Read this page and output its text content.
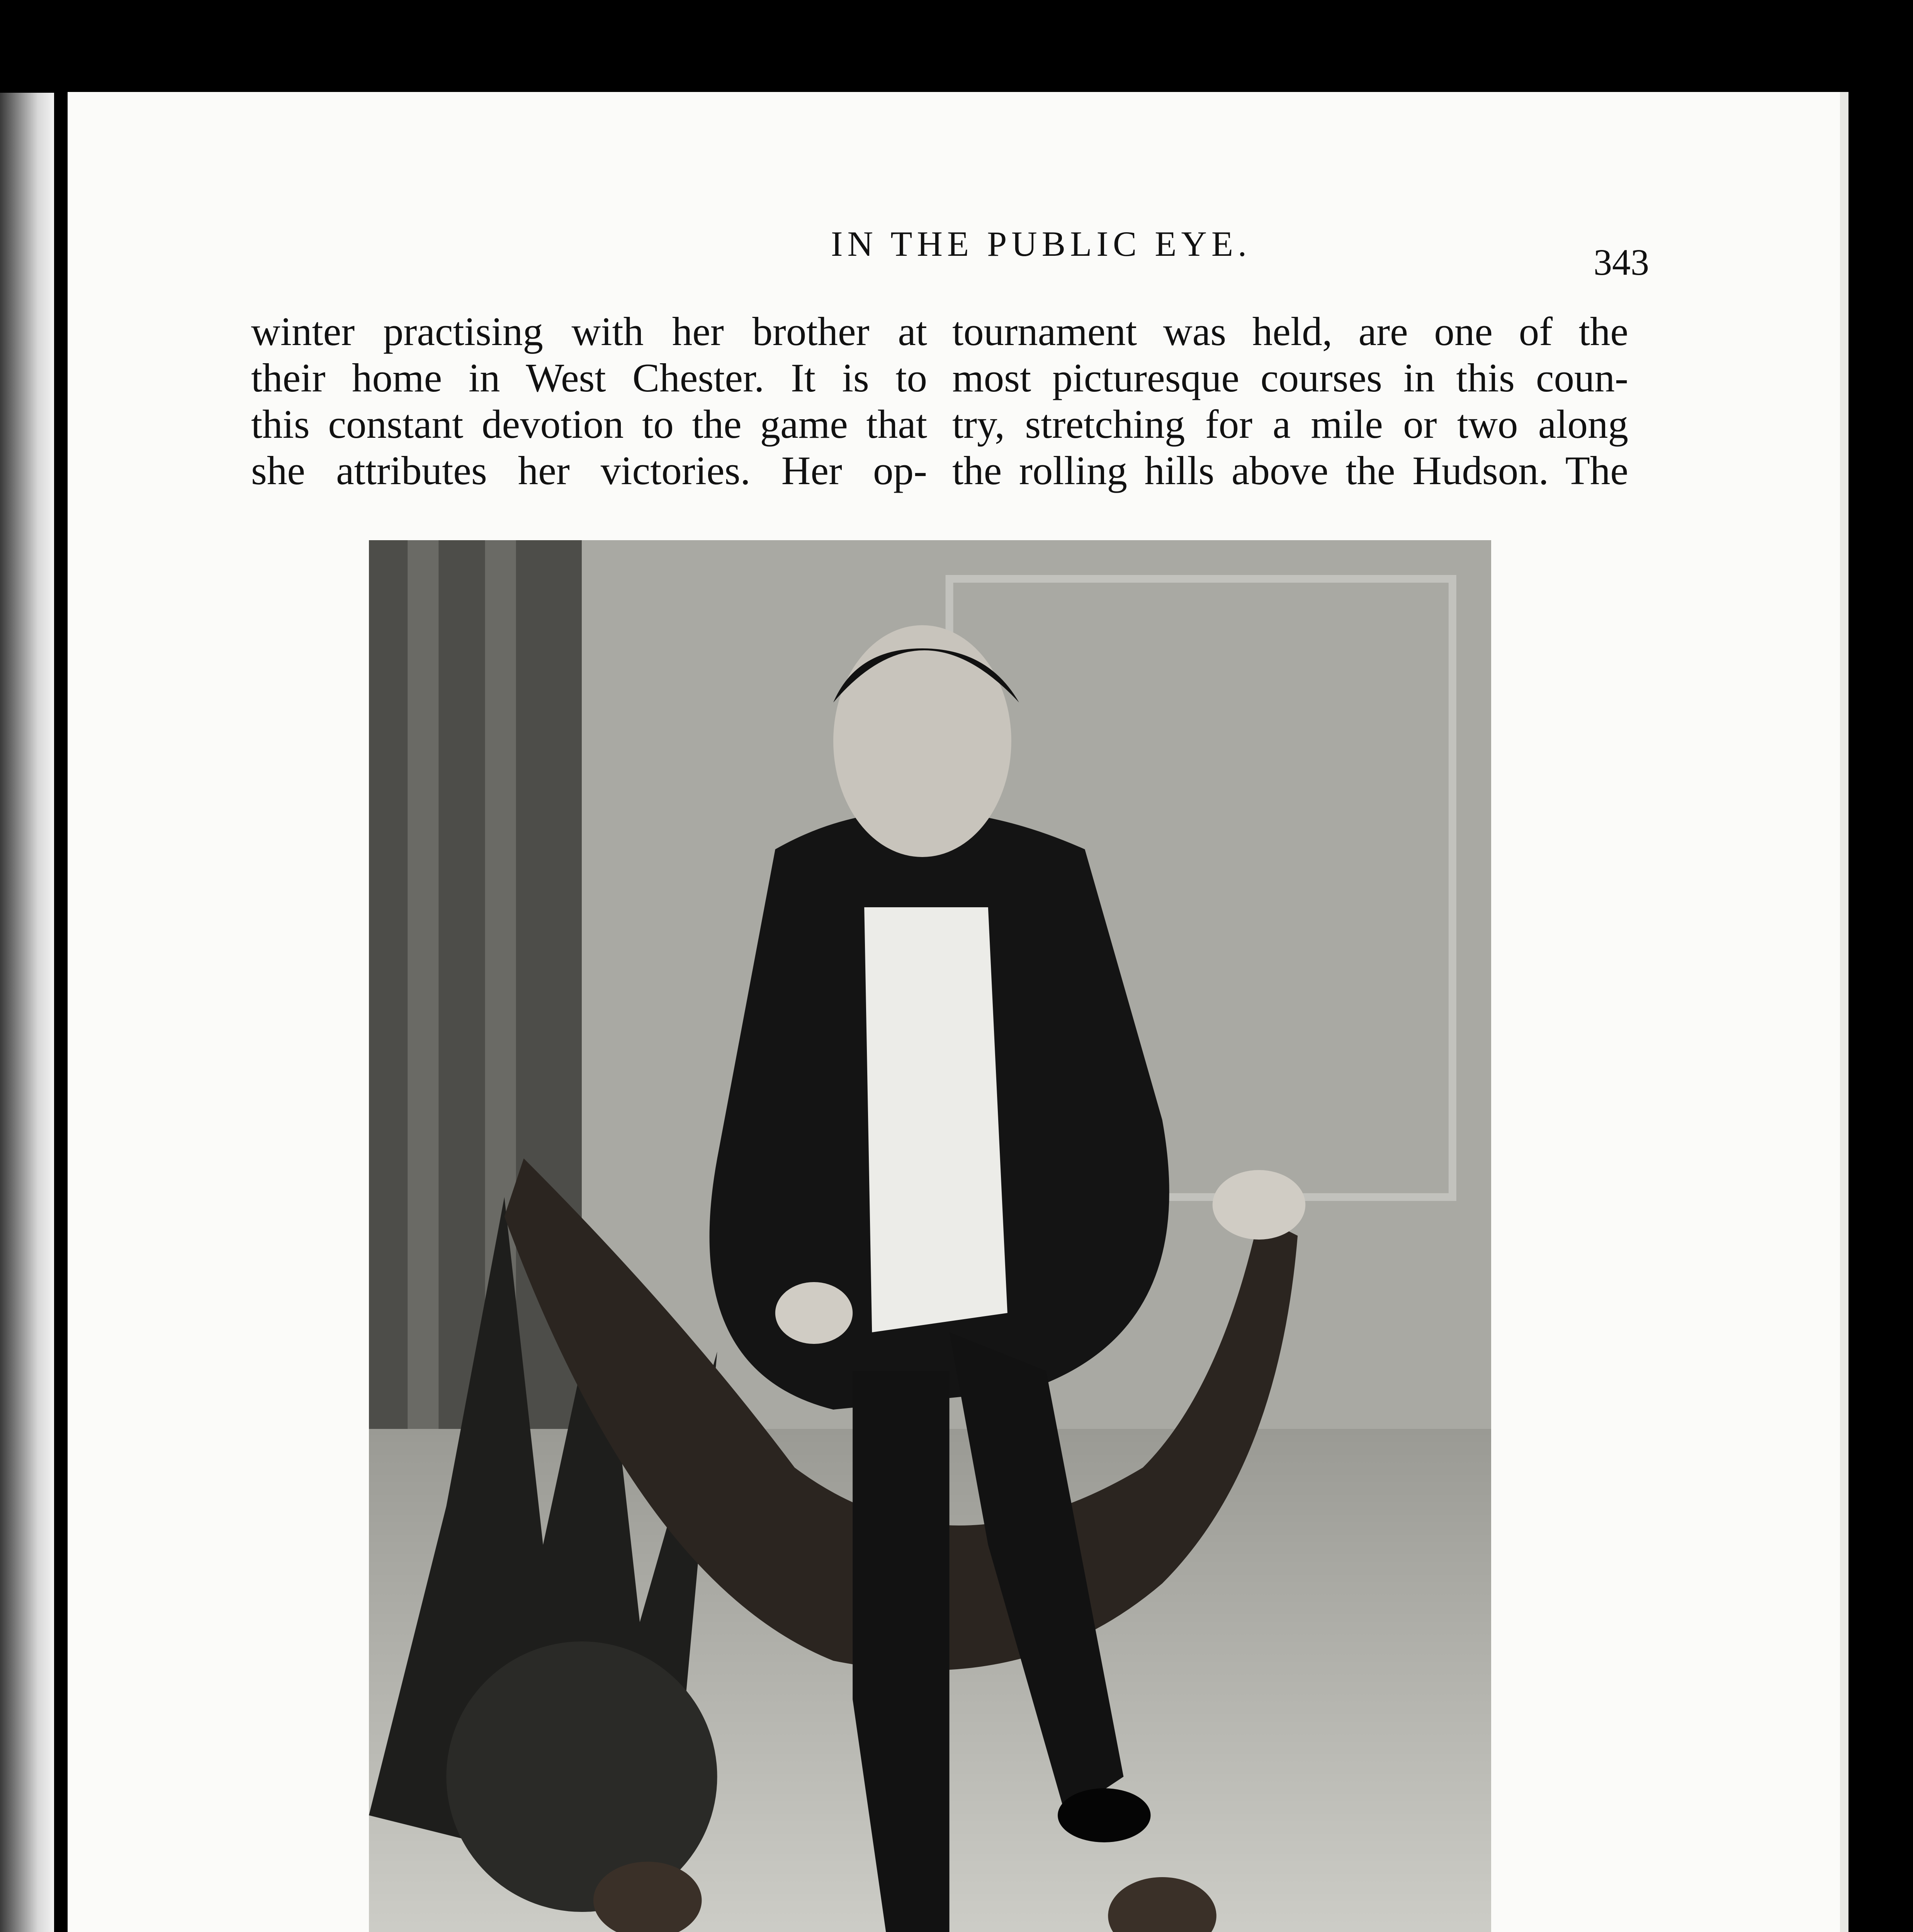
IN THE PUBLIC EYE.	343

winter practising with her brother at

their home in West Chester. It is to

this constant devotion to the game that

she attributes her victories. Her op-

tournament was held, are one of the

most picturesque courses in this coun-

try, stretching for a mile or two along

the rolling hills above the Hudson. The
